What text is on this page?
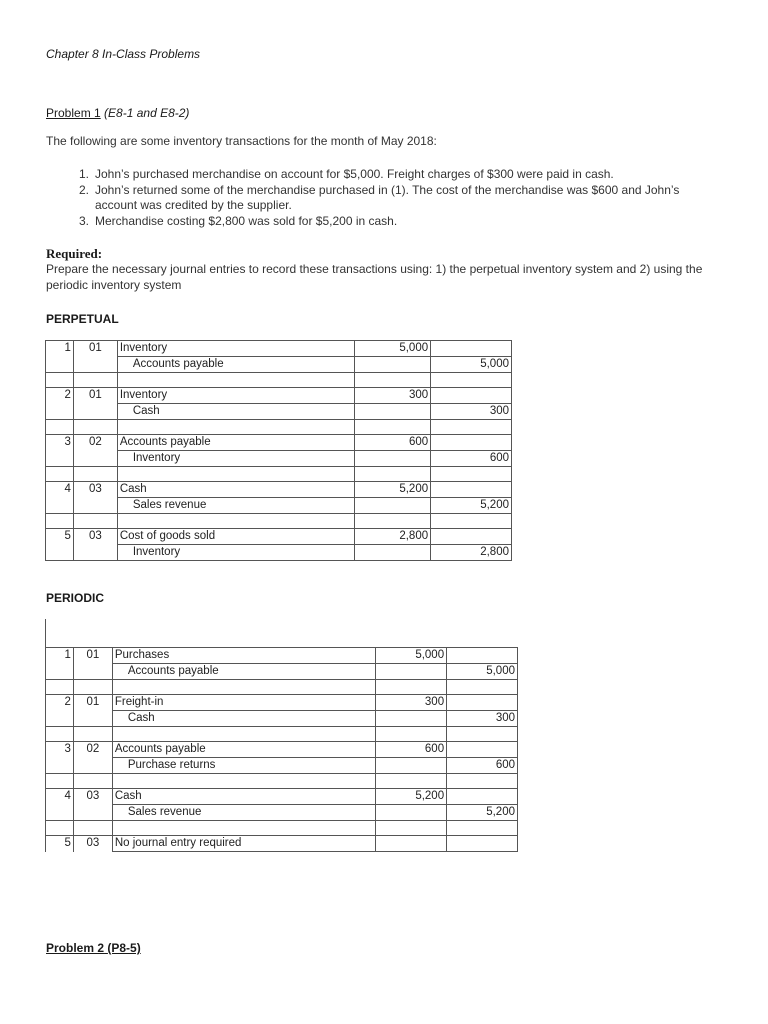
Chapter 8 In-Class Problems
Problem 1 (E8-1 and E8-2)
The following are some inventory transactions for the month of May 2018:
1. John’s purchased merchandise on account for $5,000. Freight charges of $300 were paid in cash.
2. John’s returned some of the merchandise purchased in (1). The cost of the merchandise was $600 and John’s account was credited by the supplier.
3. Merchandise costing $2,800 was sold for $5,200 in cash.
Required:
Prepare the necessary journal entries to record these transactions using: 1) the perpetual inventory system and 2) using the periodic inventory system
PERPETUAL
1	01	Inventory	5,000	
		Accounts payable		5,000

2	01	Inventory	300	
		Cash		300

3	02	Accounts payable	600	
		Inventory		600

4	03	Cash	5,200	
		Sales revenue		5,200

5	03	Cost of goods sold	2,800	
		Inventory		2,800
PERIODIC
1	01	Purchases	5,000	
		Accounts payable		5,000

2	01	Freight-in	300	
		Cash		300

3	02	Accounts payable	600	
		Purchase returns		600

4	03	Cash	5,200	
		Sales revenue		5,200

5	03	No journal entry required		
Problem 2 (P8-5)
